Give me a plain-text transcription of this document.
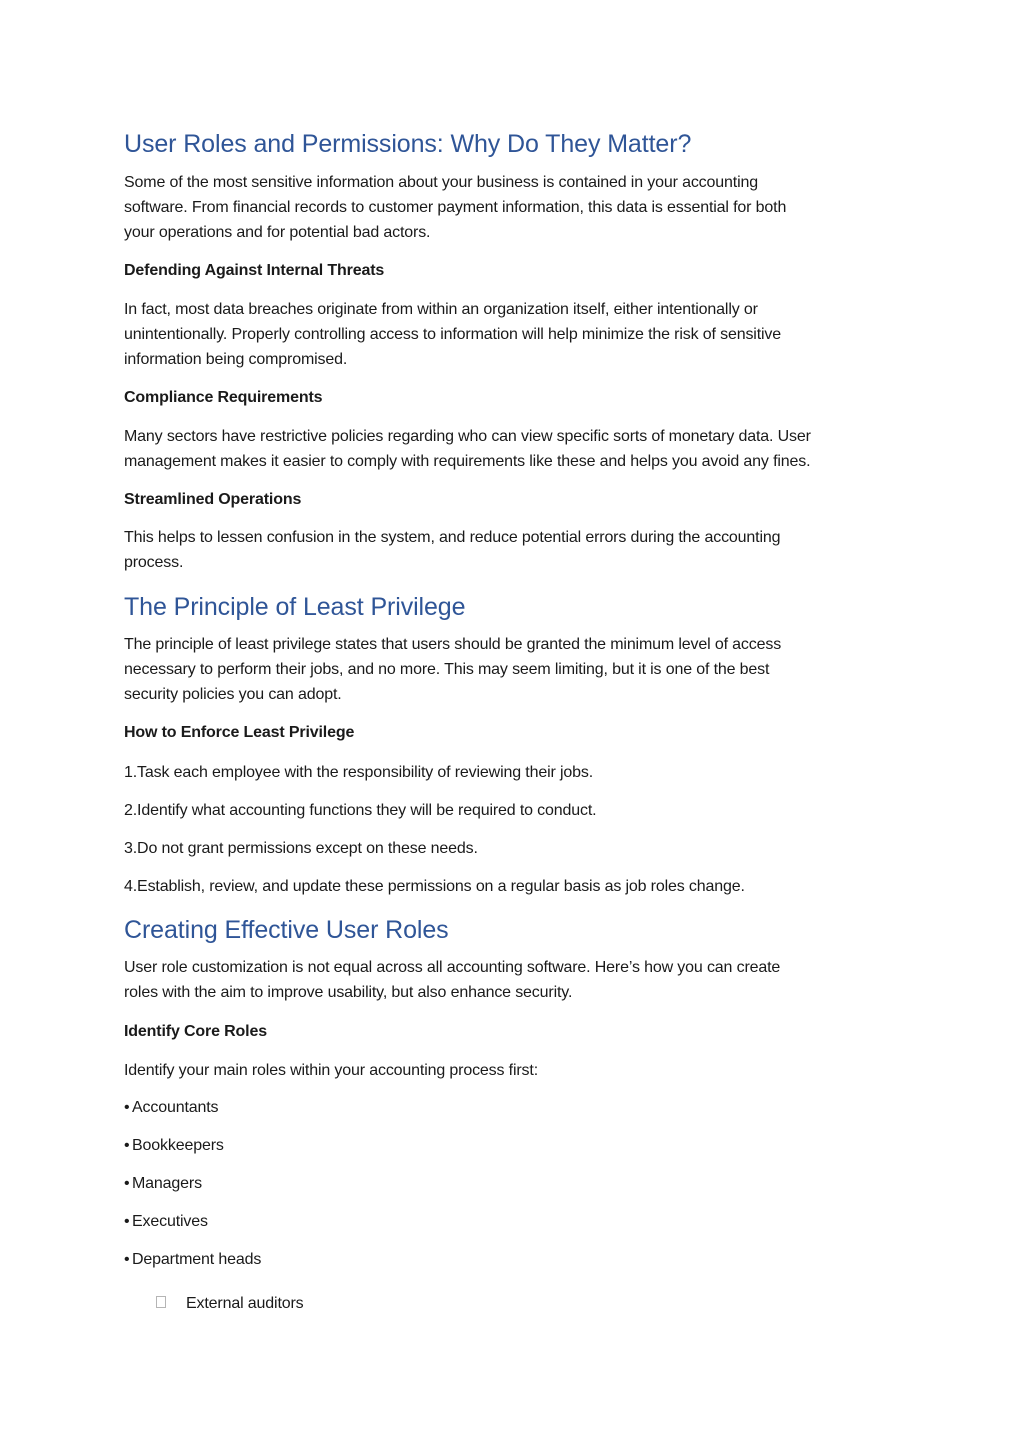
User Roles and Permissions: Why Do They Matter?
Some of the most sensitive information about your business is contained in your accounting
software. From financial records to customer payment information, this data is essential for both
your operations and for potential bad actors.
Defending Against Internal Threats
In fact, most data breaches originate from within an organization itself, either intentionally or
unintentionally. Properly controlling access to information will help minimize the risk of sensitive
information being compromised.
Compliance Requirements
Many sectors have restrictive policies regarding who can view specific sorts of monetary data. User
management makes it easier to comply with requirements like these and helps you avoid any fines.
Streamlined Operations
This helps to lessen confusion in the system, and reduce potential errors during the accounting
process.
The Principle of Least Privilege
The principle of least privilege states that users should be granted the minimum level of access
necessary to perform their jobs, and no more. This may seem limiting, but it is one of the best
security policies you can adopt.
How to Enforce Least Privilege
1.Task each employee with the responsibility of reviewing their jobs.
2.Identify what accounting functions they will be required to conduct.
3.Do not grant permissions except on these needs.
4.Establish, review, and update these permissions on a regular basis as job roles change.
Creating Effective User Roles
User role customization is not equal across all accounting software. Here’s how you can create
roles with the aim to improve usability, but also enhance security.
Identify Core Roles
Identify your main roles within your accounting process first:
• Accountants
• Bookkeepers
• Managers
• Executives
• Department heads
External auditors
